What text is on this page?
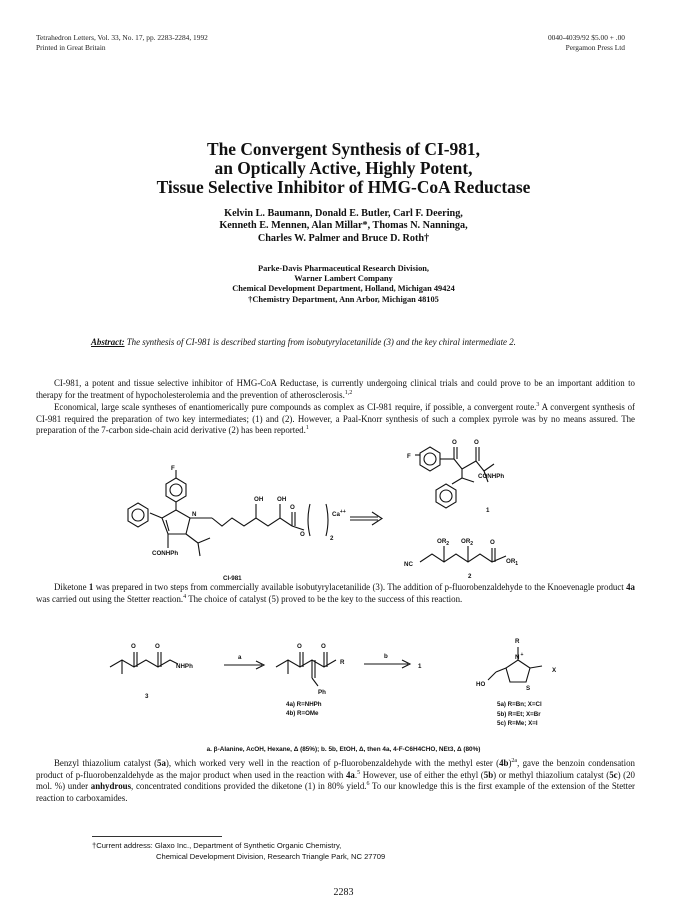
Tetrahedron Letters, Vol. 33, No. 17, pp. 2283-2284, 1992
Printed in Great Britain
0040-4039/92 $5.00 + .00
Pergamon Press Ltd
The Convergent Synthesis of CI-981,
an Optically Active, Highly Potent,
Tissue Selective Inhibitor of HMG-CoA Reductase
Kelvin L. Baumann, Donald E. Butler, Carl F. Deering,
Kenneth E. Mennen, Alan Millar*, Thomas N. Nanninga,
Charles W. Palmer and Bruce D. Roth†
Parke-Davis Pharmaceutical Research Division,
Warner Lambert Company
Chemical Development Department, Holland, Michigan 49424
†Chemistry Department, Ann Arbor, Michigan 48105
Abstract: The synthesis of CI-981 is described starting from isobutyrylacetanilide (3) and the key chiral intermediate 2.
CI-981, a potent and tissue selective inhibitor of HMG-CoA Reductase, is currently undergoing clinical trials and could prove to be an important addition to therapy for the treatment of hypocholesterolemia and the prevention of atherosclerosis.$^{1,2}$
Economical, large scale syntheses of enantiomerically pure compounds as complex as CI-981 require, if possible, a convergent route.$^3$ A convergent synthesis of CI-981 required the preparation of two key intermediates; (1) and (2). However, a Paal-Knorr synthesis of such a complex pyrrole was by no means assured. The preparation of the 7-carbon side-chain acid derivative (2) has been reported.$^1$
F
OH OH
O
O
Ca++
2
N
CONHPh
CI-981
F
O	O
CONHPh
1
$OR_2$ $OR_2$	O
NC	$OR_1$
2
Diketone 1 was prepared in two steps from commercially available isobutyrylacetanilide (3). The addition of p-fluorobenzaldehyde to the Knoevenagle product 4a was carried out using the Stetter reaction.$^4$ The choice of catalyst (5) proved to be the key to the success of this reaction.
O	O
NHPh
3
a
O	O
R
Ph
b
1
R
N+
X
HO
S
4a) R=NHPh
4b) R=OMe
5a) R=Bn; X=Cl
5b) R=Et; X=Br
5c) R=Me; X=I
a. β-Alanine, AcOH, Hexane, Δ (85%); b. 5b, EtOH, Δ, then 4a, 4-F-C6H4CHO, NEt3, Δ (80%)
Benzyl thiazolium catalyst (5a), which worked very well in the reaction of p-fluorobenzaldehyde with the methyl ester $(4b)^{2a}$, gave the benzoin condensation product of p-fluorobenzaldehyde as the major product when used in the reaction with 4a.$^5$ However, use of either the ethyl (5b) or methyl thiazolium catalyst (5c) (20 mol. %) under anhydrous, concentrated conditions provided the diketone (1) in 80% yield.$^6$ To our knowledge this is the first example of the extension of the Stetter reaction to carboxamides.
†Current address: Glaxo Inc., Department of Synthetic Organic Chemistry,
Chemical Development Division, Research Triangle Park, NC 27709
2283
